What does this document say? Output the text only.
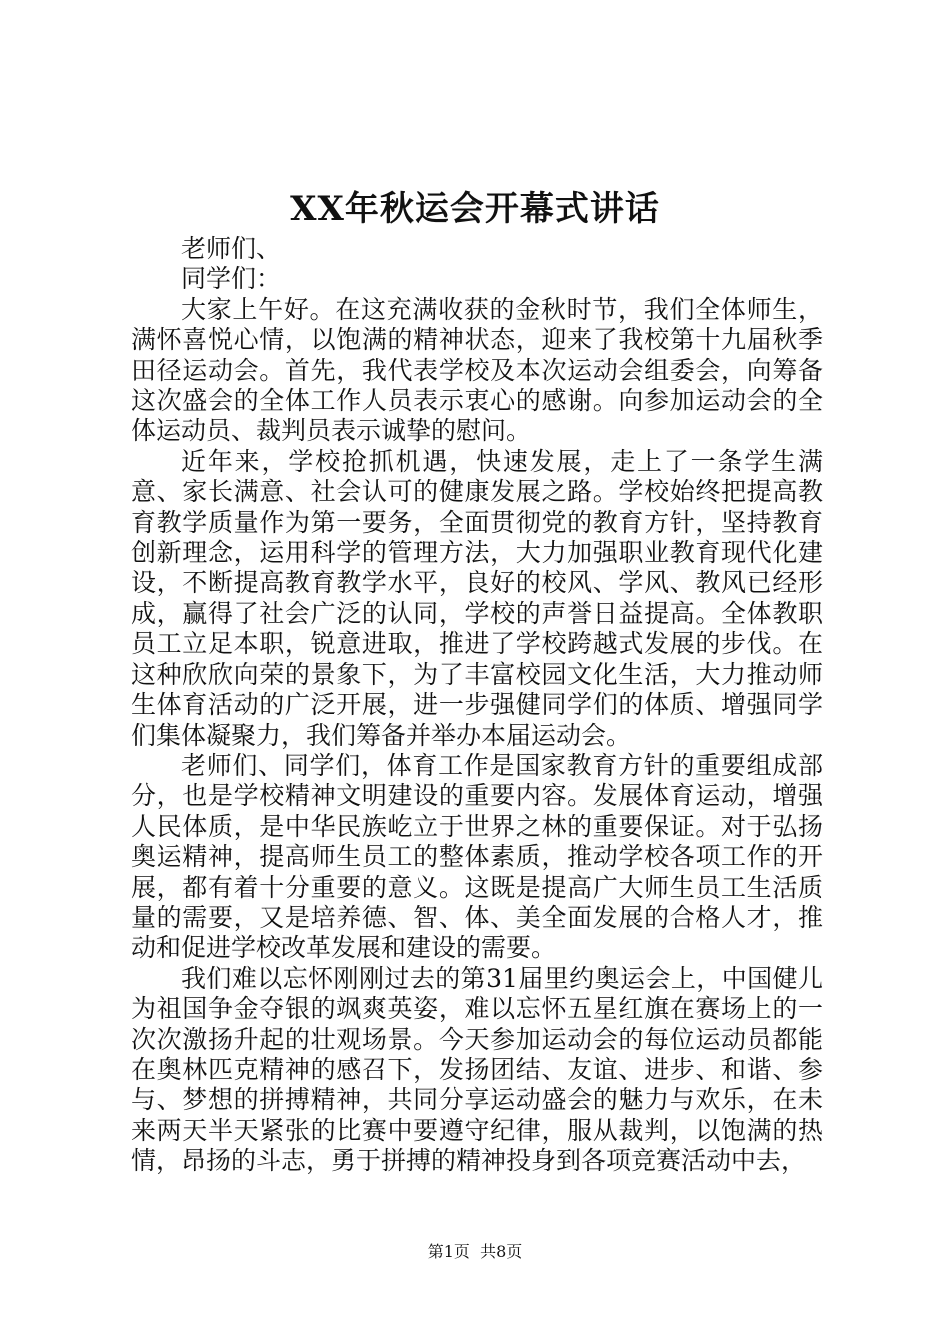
XX年秋运会开幕式讲话

老师们、

同学们：

大家上午好。在这充满收获的金秋时节，我们全体师生，满怀喜悦心情，以饱满的精神状态，迎来了我校第十九届秋季田径运动会。首先，我代表学校及本次运动会组委会，向筹备这次盛会的全体工作人员表示衷心的感谢。向参加运动会的全体运动员、裁判员表示诚挚的慰问。

近年来，学校抢抓机遇，快速发展，走上了一条学生满意、家长满意、社会认可的健康发展之路。学校始终把提高教育教学质量作为第一要务，全面贯彻党的教育方针，坚持教育创新理念，运用科学的管理方法，大力加强职业教育现代化建设，不断提高教育教学水平，良好的校风、学风、教风已经形成，赢得了社会广泛的认同，学校的声誉日益提高。全体教职员工立足本职，锐意进取，推进了学校跨越式发展的步伐。在这种欣欣向荣的景象下，为了丰富校园文化生活，大力推动师生体育活动的广泛开展，进一步强健同学们的体质、增强同学们集体凝聚力，我们筹备并举办本届运动会。

老师们、同学们，体育工作是国家教育方针的重要组成部分，也是学校精神文明建设的重要内容。发展体育运动，增强人民体质，是中华民族屹立于世界之林的重要保证。对于弘扬奥运精神，提高师生员工的整体素质，推动学校各项工作的开展，都有着十分重要的意义。这既是提高广大师生员工生活质量的需要，又是培养德、智、体、美全面发展的合格人才，推动和促进学校改革发展和建设的需要。

我们难以忘怀刚刚过去的第31届里约奥运会上，中国健儿为祖国争金夺银的飒爽英姿，难以忘怀五星红旗在赛场上的一次次激扬升起的壮观场景。今天参加运动会的每位运动员都能在奥林匹克精神的感召下，发扬团结、友谊、进步、和谐、参与、梦想的拼搏精神，共同分享运动盛会的魅力与欢乐，在未来两天半天紧张的比赛中要遵守纪律，服从裁判，以饱满的热情，昂扬的斗志，勇于拼搏的精神投身到各项竞赛活动中去，

第1页 共8页
